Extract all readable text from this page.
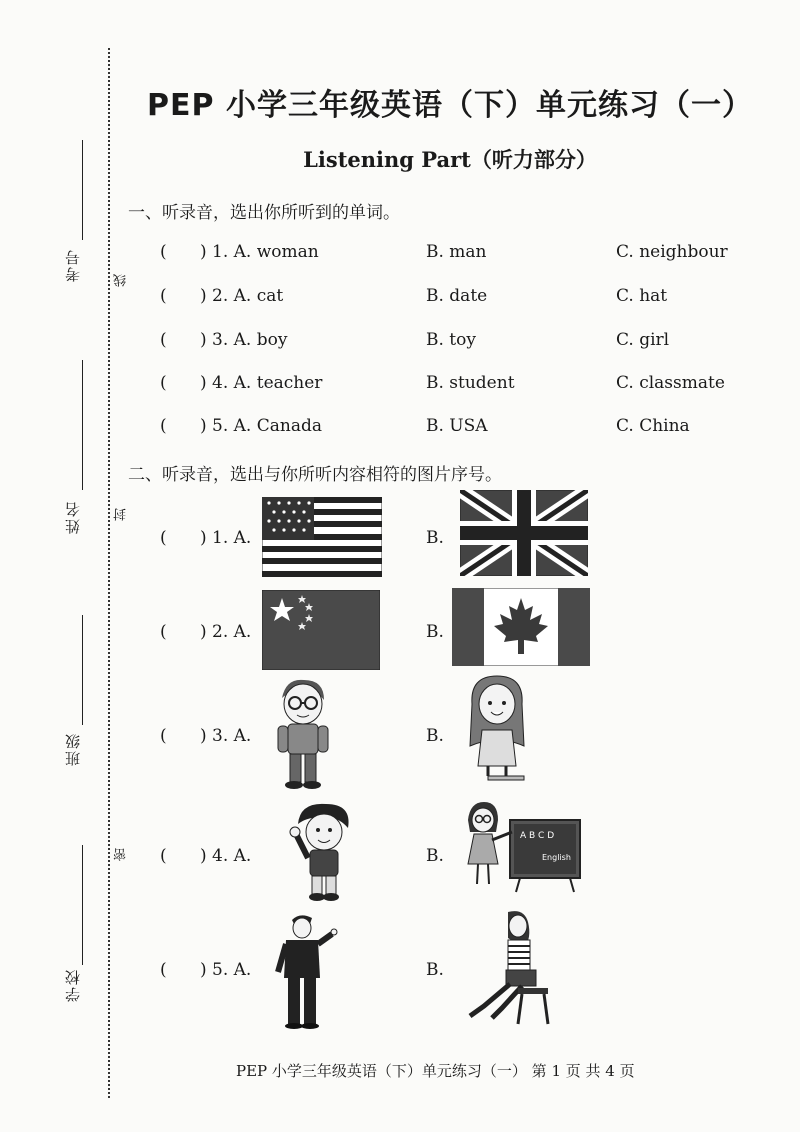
考号
姓名
班级
学校
线
封
密
PEP 小学三年级英语（下）单元练习（一）
Listening Part（听力部分）
一、听录音，选出你所听到的单词。
( ) 1. A. woman	B. man	C. neighbour
( ) 2. A. cat	B. date	C. hat
( ) 3. A. boy	B. toy	C. girl
( ) 4. A. teacher	B. student	C. classmate
( ) 5. A. Canada	B. USA	C. China
二、听录音，选出与你所听内容相符的图片序号。
( ) 1. A.	B.
( ) 2. A.	B.
( ) 3. A.	B.
( ) 4. A.	B.
A B C D
English
( ) 5. A.	B.
PEP 小学三年级英语（下）单元练习（一） 第 1 页 共 4 页
